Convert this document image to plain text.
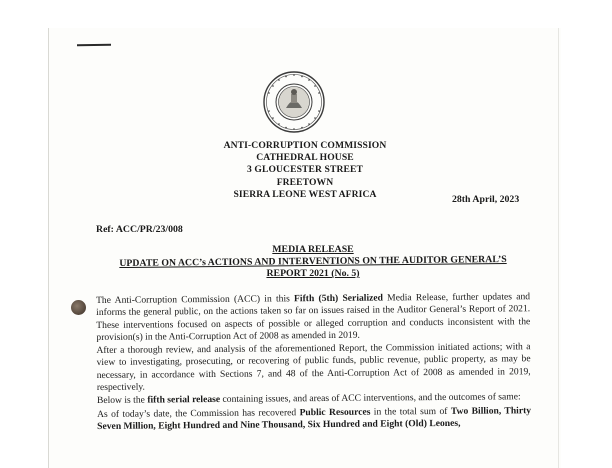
ANTI-CORRUPTION COMMISSION
CATHEDRAL HOUSE
3 GLOUCESTER STREET
FREETOWN
SIERRA LEONE WEST AFRICA	28th April, 2023
Ref: ACC/PR/23/008
MEDIA RELEASE
UPDATE ON ACC’s ACTIONS AND INTERVENTIONS ON THE AUDITOR GENERAL’S
REPORT 2021 (No. 5)

The Anti-Corruption Commission (ACC) in this Fifth (5th) Serialized Media Release, further updates and informs the general public, on the actions taken so far on issues raised in the Auditor General’s Report of 2021. These interventions focused on aspects of possible or alleged corruption and conducts inconsistent with the provision(s) in the Anti-Corruption Act of 2008 as amended in 2019.

After a thorough review, and analysis of the aforementioned Report, the Commission initiated actions; with a view to investigating, prosecuting, or recovering of public funds, public revenue, public property, as may be necessary, in accordance with Sections 7, and 48 of the Anti-Corruption Act of 2008 as amended in 2019, respectively.

Below is the fifth serial release containing issues, and areas of ACC interventions, and the outcomes of same:

As of today’s date, the Commission has recovered Public Resources in the total sum of Two Billion, Thirty Seven Million, Eight Hundred and Nine Thousand, Six Hundred and Eight (Old) Leones,
